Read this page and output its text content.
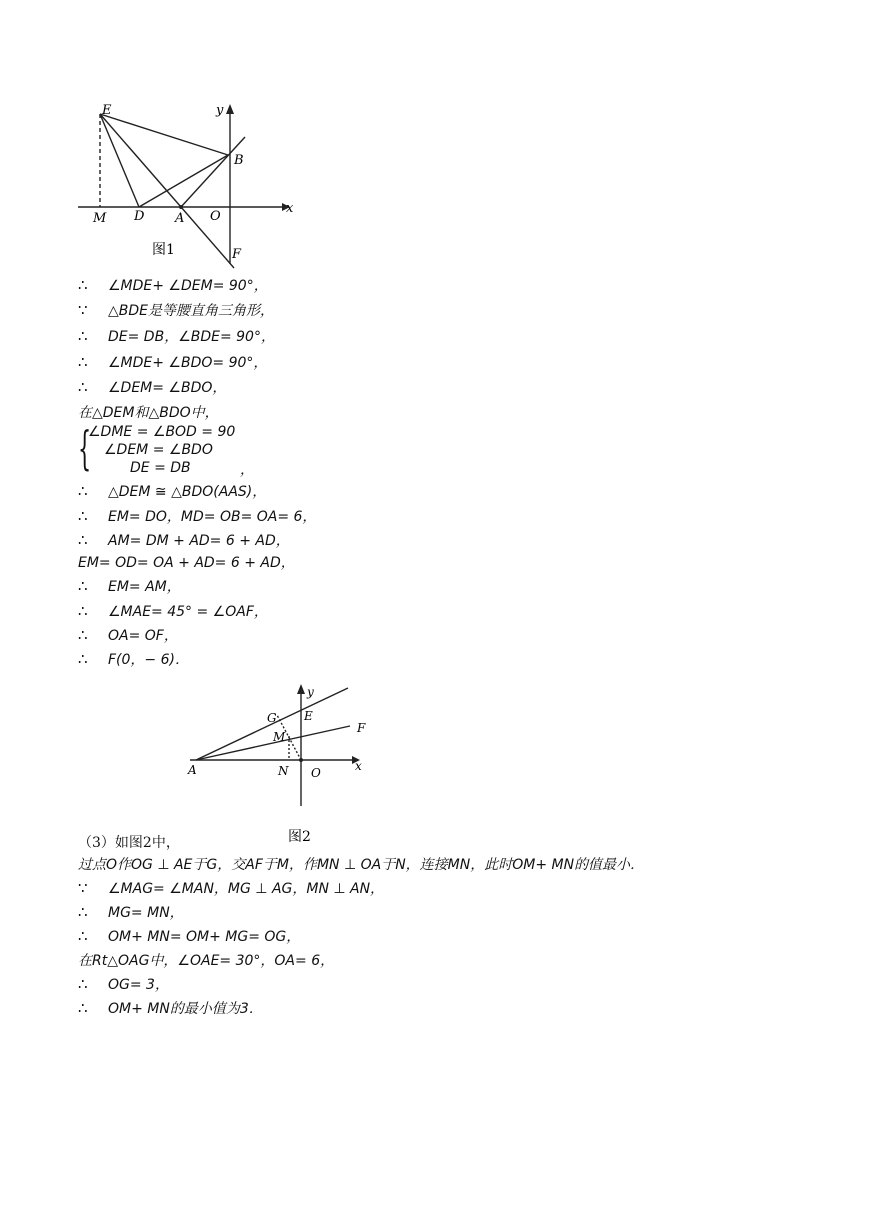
E	y
B
x
M D A O
F
图1
∴ ∠MDE+ ∠DEM= 90°，
∵ △BDE是等腰直角三角形，
∴ DE= DB，∠BDE= 90°，
∴ ∠MDE+ ∠BDO= 90°，
∴ ∠DEM= ∠BDO，
在△DEM和△BDO中，
{
∠DME = ∠BOD = 90
∠DEM = ∠BDO
DE = DB	，
∴ △DEM ≅ △BDO(AAS)，
∴ EM= DO，MD= OB= OA= 6，
∴ AM= DM + AD= 6 + AD，
EM= OD= OA + AD= 6 + AD，
∴ EM= AM，
∴ ∠MAE= 45° = ∠OAF，
∴ OA= OF，
∴ F(0，− 6)．
y
G E
F
M
A	N O	x
图2
（3）如图2中，
过点O作OG ⊥ AE于G，交AF于M，作MN ⊥ OA于N，连接MN，此时OM+ MN的值最小．
∵ ∠MAG= ∠MAN，MG ⊥ AG，MN ⊥ AN，
∴ MG= MN，
∴ OM+ MN= OM+ MG= OG，
在Rt△OAG中，∠OAE= 30°，OA= 6，
∴ OG= 3，
∴ OM+ MN的最小值为3．
